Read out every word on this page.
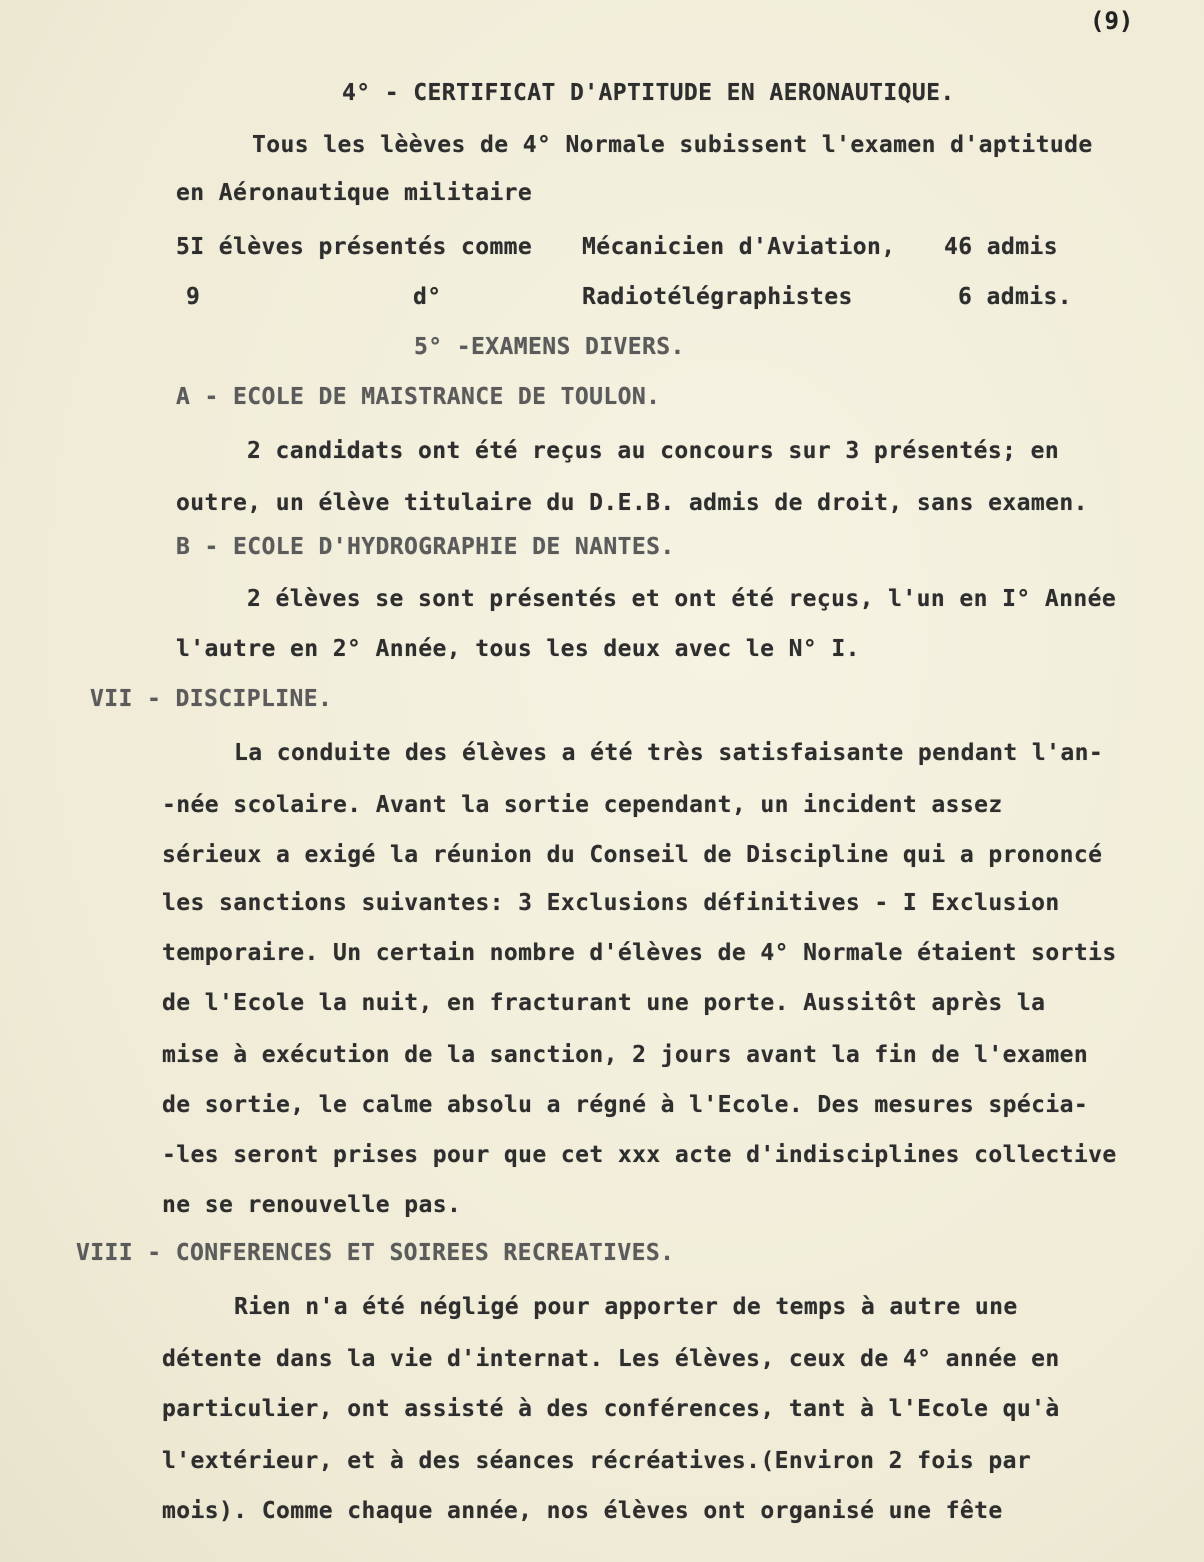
(9)
4° - CERTIFICAT D'APTITUDE EN AERONAUTIQUE.
Tous les lèèves de 4° Normale subissent l'examen d'aptitude
en Aéronautique militaire
5I élèves présentés comme Mécanicien d'Aviation, 46 admis
9	d°	Radiotélégraphistes	6 admis.
5° -EXAMENS DIVERS.
A - ECOLE DE MAISTRANCE DE TOULON.
2 candidats ont été reçus au concours sur 3 présentés; en
outre, un élève titulaire du D.E.B. admis de droit, sans examen.
B - ECOLE D'HYDROGRAPHIE DE NANTES.
2 élèves se sont présentés et ont été reçus, l'un en I° Année
l'autre en 2° Année, tous les deux avec le N° I.
VII - DISCIPLINE.
La conduite des élèves a été très satisfaisante pendant l'an-
-née scolaire. Avant la sortie cependant, un incident assez
sérieux a exigé la réunion du Conseil de Discipline qui a prononcé
les sanctions suivantes: 3 Exclusions définitives - I Exclusion
temporaire. Un certain nombre d'élèves de 4° Normale étaient sortis
de l'Ecole la nuit, en fracturant une porte. Aussitôt après la
mise à exécution de la sanction, 2 jours avant la fin de l'examen
de sortie, le calme absolu a régné à l'Ecole. Des mesures spécia-
-les seront prises pour que cet xxx acte d'indisciplines collective
ne se renouvelle pas.
VIII - CONFERENCES ET SOIREES RECREATIVES.
Rien n'a été négligé pour apporter de temps à autre une
détente dans la vie d'internat. Les élèves, ceux de 4° année en
particulier, ont assisté à des conférences, tant à l'Ecole qu'à
l'extérieur, et à des séances récréatives.(Environ 2 fois par
mois). Comme chaque année, nos élèves ont organisé une fête
